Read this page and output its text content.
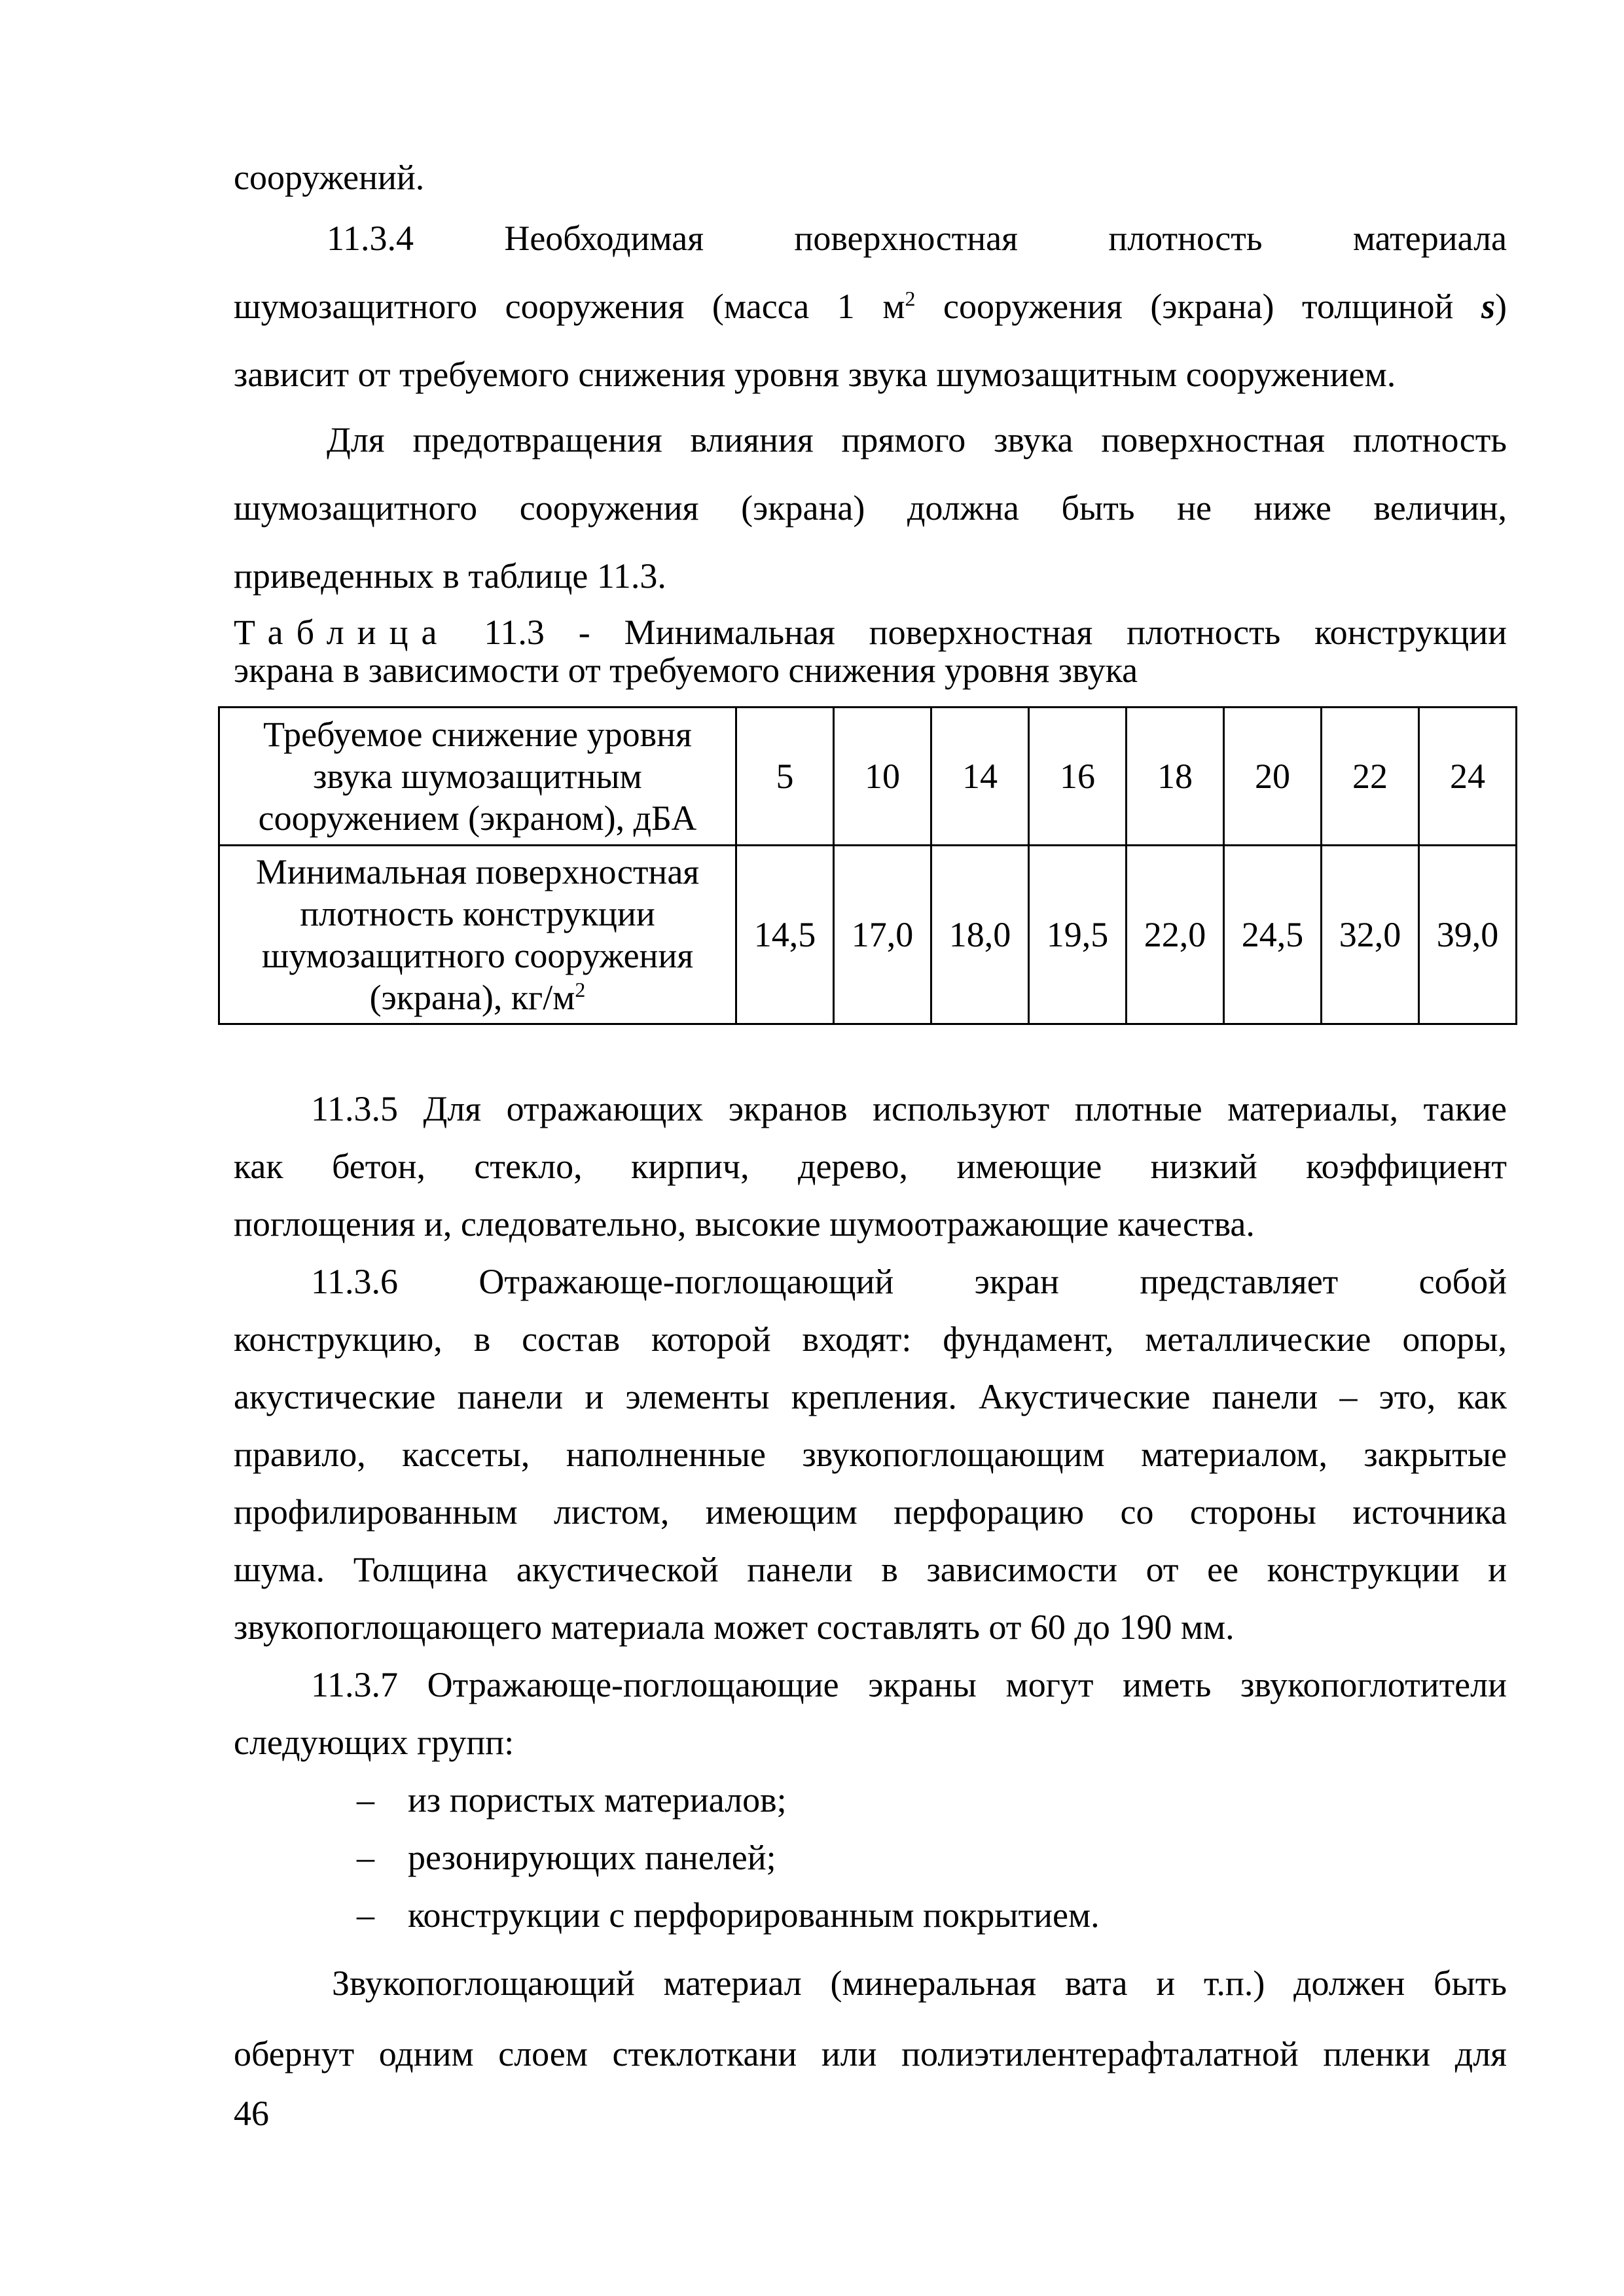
сооружений.

11.3.4	Необходимая	поверхностная	плотность	материала
шумозащитного сооружения (масса 1 $м^2$ сооружения (экрана) толщиной s)
зависит от требуемого снижения уровня звука шумозащитным сооружением.
Для предотвращения влияния прямого звука поверхностная плотность
шумозащитного сооружения (экрана) должна быть не ниже величин,
приведенных в таблице 11.3.
Таблица 11.3 - Минимальная поверхностная плотность конструкции
экрана в зависимости от требуемого снижения уровня звука
Требуемое снижение уровня
звука шумозащитным
сооружением (экраном), дБА	5	10	14	16	18	20	22	24

Минимальная поверхностная
плотность конструкции
шумозащитного сооружения
(экрана), $кг/м^2$	14,5	17,0	18,0	19,5	22,0	24,5	32,0	39,0
11.3.5 Для отражающих экранов используют плотные материалы, такие
как бетон, стекло, кирпич, дерево, имеющие низкий коэффициент
поглощения и, следовательно, высокие шумоотражающие качества.
11.3.6 Отражающе-поглощающий экран представляет собой
конструкцию, в состав которой входят: фундамент, металлические опоры,
акустические панели и элементы крепления. Акустические панели – это, как
правило, кассеты, наполненные звукопоглощающим материалом, закрытые
профилированным листом, имеющим перфорацию со стороны источника
шума. Толщина акустической панели в зависимости от ее конструкции и
звукопоглощающего материала может составлять от 60 до 190 мм.
11.3.7 Отражающе-поглощающие экраны могут иметь звукопоглотители
следующих групп:
– из пористых материалов;
– резонирующих панелей;
– конструкции с перфорированным покрытием.
Звукопоглощающий материал (минеральная вата и т.п.) должен быть
обернут одним слоем стеклоткани или полиэтилентерафталатной пленки для
46
